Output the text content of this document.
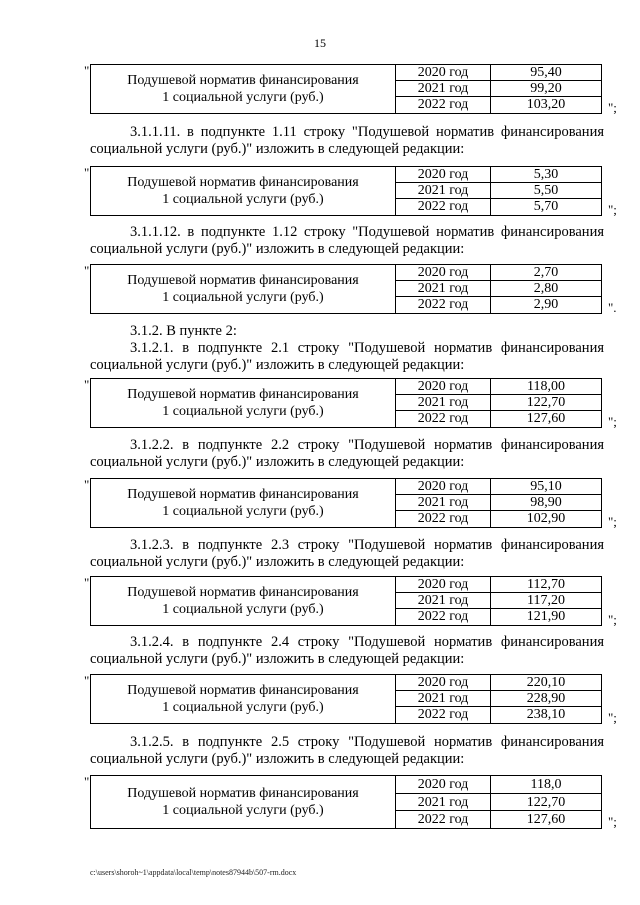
15
"
Подушевой норматив финансирования
1 социальной услуги (руб.)
2020 год	95,40
2021 год	99,20
2022 год	103,20	";
3.1.1.11. в подпункте 1.11 строку "Подушевой норматив финансирования
социальной услуги (руб.)" изложить в следующей редакции:
"
Подушевой норматив финансирования
1 социальной услуги (руб.)
2020 год	5,30
2021 год	5,50
2022 год	5,70	";
3.1.1.12. в подпункте 1.12 строку "Подушевой норматив финансирования
социальной услуги (руб.)" изложить в следующей редакции:
"
Подушевой норматив финансирования
1 социальной услуги (руб.)
2020 год	2,70
2021 год	2,80
2022 год	2,90	".
3.1.2. В пункте 2:
3.1.2.1. в подпункте 2.1 строку "Подушевой норматив финансирования
социальной услуги (руб.)" изложить в следующей редакции:
"
Подушевой норматив финансирования
1 социальной услуги (руб.)
2020 год	118,00
2021 год	122,70
2022 год	127,60	";
3.1.2.2. в подпункте 2.2 строку "Подушевой норматив финансирования
социальной услуги (руб.)" изложить в следующей редакции:
"
Подушевой норматив финансирования
1 социальной услуги (руб.)
2020 год	95,10
2021 год	98,90
2022 год	102,90	";
3.1.2.3. в подпункте 2.3 строку "Подушевой норматив финансирования
социальной услуги (руб.)" изложить в следующей редакции:
"
Подушевой норматив финансирования
1 социальной услуги (руб.)
2020 год	112,70
2021 год	117,20
2022 год	121,90	";
3.1.2.4. в подпункте 2.4 строку "Подушевой норматив финансирования
социальной услуги (руб.)" изложить в следующей редакции:
"
Подушевой норматив финансирования
1 социальной услуги (руб.)
2020 год	220,10
2021 год	228,90
2022 год	238,10	";
3.1.2.5. в подпункте 2.5 строку "Подушевой норматив финансирования
социальной услуги (руб.)" изложить в следующей редакции:
"
Подушевой норматив финансирования
1 социальной услуги (руб.)
2020 год	118,0
2021 год	122,70
2022 год	127,60	";
c:\users\shoroh~1\appdata\local\temp\notes87944b\507-rm.docx
